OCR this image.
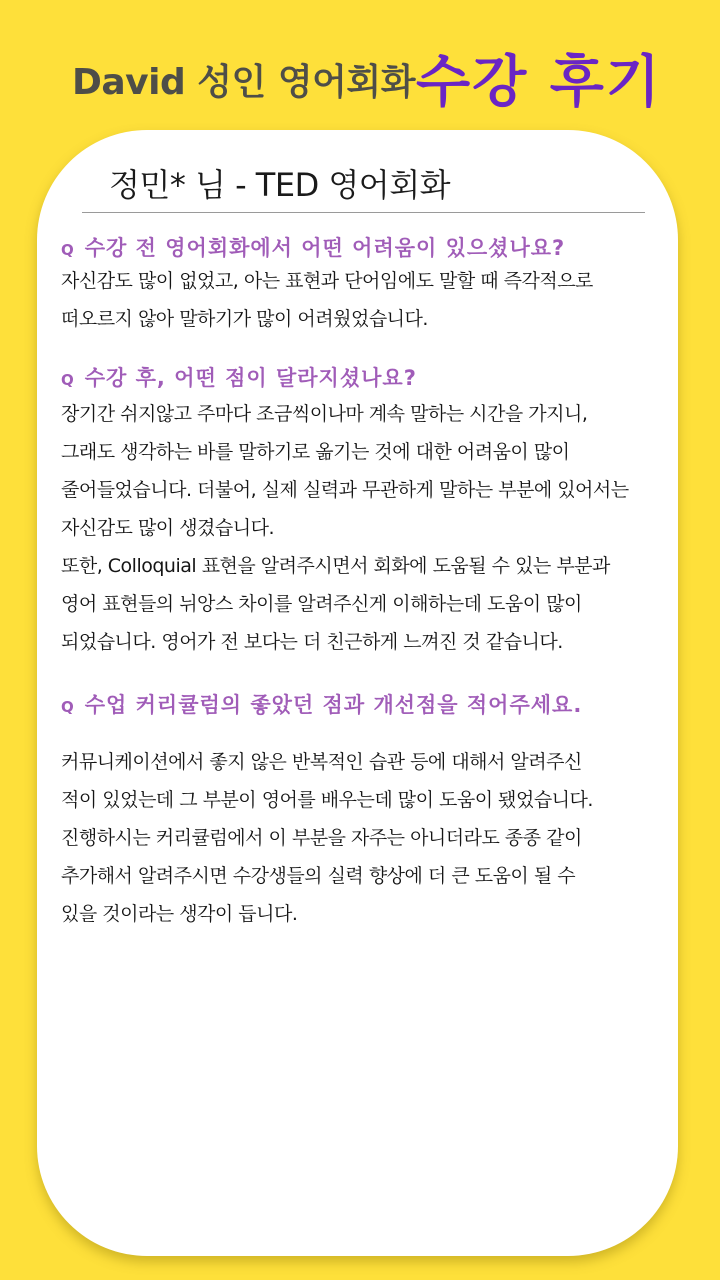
David 성인 영어회화 수강 후기
정민* 님 - TED 영어회화
Q 수강 전 영어회화에서 어떤 어려움이 있으셨나요?
자신감도 많이 없었고, 아는 표현과 단어임에도 말할 때 즉각적으로
떠오르지 않아 말하기가 많이 어려웠었습니다.
Q 수강 후, 어떤 점이 달라지셨나요?
장기간 쉬지않고 주마다 조금씩이나마 계속 말하는 시간을 가지니,
그래도 생각하는 바를 말하기로 옮기는 것에 대한 어려움이 많이
줄어들었습니다. 더불어, 실제 실력과 무관하게 말하는 부분에 있어서는
자신감도 많이 생겼습니다.
또한, Colloquial 표현을 알려주시면서 회화에 도움될 수 있는 부분과
영어 표현들의 뉘앙스 차이를 알려주신게 이해하는데 도움이 많이
되었습니다. 영어가 전 보다는 더 친근하게 느껴진 것 같습니다.
Q 수업 커리큘럼의 좋았던 점과 개선점을 적어주세요.
커뮤니케이션에서 좋지 않은 반복적인 습관 등에 대해서 알려주신
적이 있었는데 그 부분이 영어를 배우는데 많이 도움이 됐었습니다.
진행하시는 커리큘럼에서 이 부분을 자주는 아니더라도 종종 같이
추가해서 알려주시면 수강생들의 실력 향상에 더 큰 도움이 될 수
있을 것이라는 생각이 듭니다.
